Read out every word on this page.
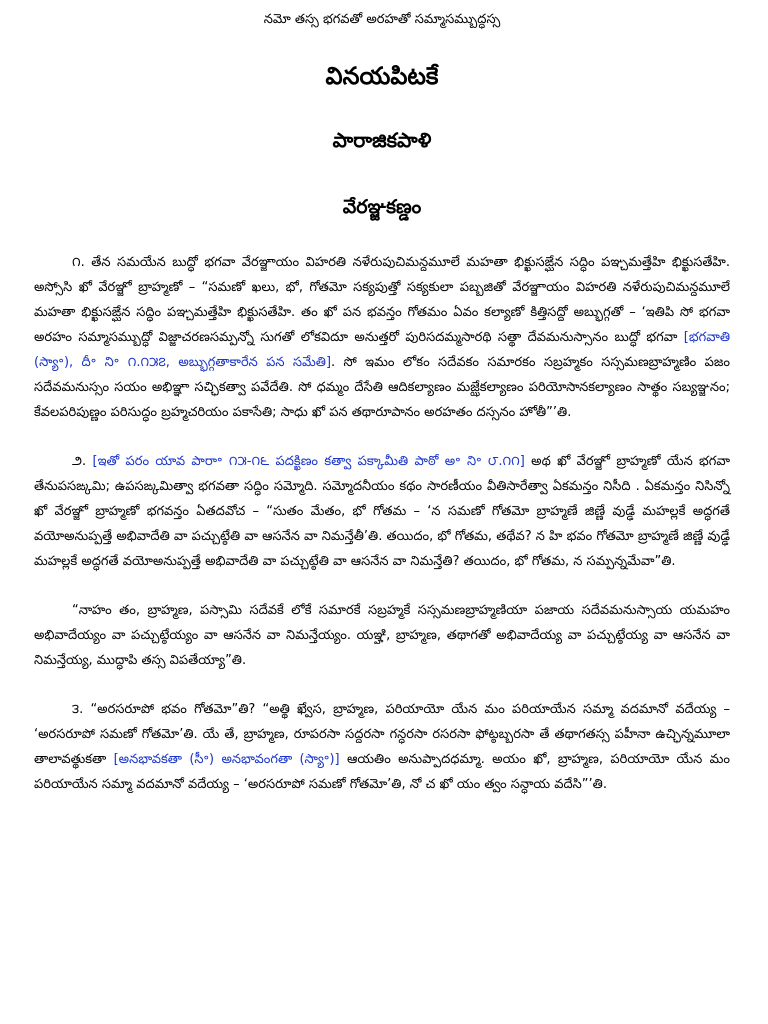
నమో తస్స భగవతో అరహతో సమ్మాసమ్బుద్ధస్స
వినయపిటకే
పారాజికపాళి
వేరఞ్జకణ్డం

౧. తేన సమయేన బుద్ధో భగవా వేరఞ్జాయం విహరతి నళేరుపుచిమన్దమూలే మహతా భిక్ఖుసఙ్ఘేన సద్ధిం పఞ్చమత్తేహి భిక్ఖుసతేహి. అస్సోసి ఖో వేరఞ్జో బ్రాహ్మణో – “సమణో ఖలు, భో, గోతమో సక్యపుత్తో సక్యకులా పబ్బజితో వేరఞ్జాయం విహరతి నళేరుపుచిమన్దమూలే మహతా భిక్ఖుసఙ్ఘేన సద్ధిం పఞ్చమత్తేహి భిక్ఖుసతేహి. తం ఖో పన భవన్తం గోతమం ఏవం కల్యాణో కిత్తిసద్దో అబ్భుగ్గతో – ‘ఇతిపి సో భగవా అరహం సమ్మాసమ్బుద్ధో విజ్జాచరణసమ్పన్నో సుగతో లోకవిదూ అనుత్తరో పురిసదమ్మసారథి సత్థా దేవమనుస్సానం బుద్ధో భగవా [భగవాతి (స్యా॰), దీ॰ ని॰ ౧.౧౫౭, అబ్భుగ్గతాకారేన పన సమేతి]. సో ఇమం లోకం సదేవకం సమారకం సబ్రహ్మకం సస్సమణబ్రాహ్మణిం పజం సదేవమనుస్సం సయం అభిఞ్ఞా సచ్ఛికత్వా పవేదేతి. సో ధమ్మం దేసేతి ఆదికల్యాణం మజ్ఝేకల్యాణం పరియోసానకల్యాణం సాత్థం సబ్యఞ్జనం; కేవలపరిపుణ్ణం పరిసుద్ధం బ్రహ్మచరియం పకాసేతి; సాధు ఖో పన తథారూపానం అరహతం దస్సనం హోతీ”’తి.

౨. [ఇతో పరం యావ పారా॰ ౧౫-౧౬ పదక్ఖిణం కత్వా పక్కామీతి పాఠో అ॰ ని॰ ౮.౧౧] అథ ఖో వేరఞ్జో బ్రాహ్మణో యేన భగవా తేనుపసఙ్కమి; ఉపసఙ్కమిత్వా భగవతా సద్ధిం సమ్మోది. సమ్మోదనీయం కథం సారణీయం వీతిసారేత్వా ఏకమన్తం నిసీది . ఏకమన్తం నిసిన్నో ఖో వేరఞ్జో బ్రాహ్మణో భగవన్తం ఏతదవోచ – “సుతం మేతం, భో గోతమ – ‘న సమణో గోతమో బ్రాహ్మణే జిణ్ణే వుడ్ఢే మహల్లకే అద్ధగతే వయోఅనుప్పత్తే అభివాదేతి వా పచ్చుట్ఠేతి వా ఆసనేన వా నిమన్తేతీ’తి. తయిదం, భో గోతమ, తథేవ? న హి భవం గోతమో బ్రాహ్మణే జిణ్ణే వుడ్ఢే మహల్లకే అద్ధగతే వయోఅనుప్పత్తే అభివాదేతి వా పచ్చుట్ఠేతి వా ఆసనేన వా నిమన్తేతి? తయిదం, భో గోతమ, న సమ్పన్నమేవా”తి.

“నాహం తం, బ్రాహ్మణ, పస్సామి సదేవకే లోకే సమారకే సబ్రహ్మకే సస్సమణబ్రాహ్మణియా పజాయ సదేవమనుస్సాయ యమహం అభివాదేయ్యం వా పచ్చుట్ఠేయ్యం వా ఆసనేన వా నిమన్తేయ్యం. యఞ్హి, బ్రాహ్మణ, తథాగతో అభివాదేయ్య వా పచ్చుట్ఠేయ్య వా ఆసనేన వా నిమన్తేయ్య, ముద్ధాపి తస్స విపతేయ్యా”తి.

౩. “అరసరూపో భవం గోతమో”తి? “అత్థి ఖ్వేస, బ్రాహ్మణ, పరియాయో యేన మం పరియాయేన సమ్మా వదమానో వదేయ్య – ‘అరసరూపో సమణో గోతమో’తి. యే తే, బ్రాహ్మణ, రూపరసా సద్దరసా గన్ధరసా రసరసా ఫోట్ఠబ్బరసా తే తథాగతస్స పహీనా ఉచ్ఛిన్నమూలా తాలావత్థుకతా [అనభావకతా (సీ॰) అనభావంగతా (స్యా॰)] ఆయతిం అనుప్పాదధమ్మా. అయం ఖో, బ్రాహ్మణ, పరియాయో యేన మం పరియాయేన సమ్మా వదమానో వదేయ్య – ‘అరసరూపో సమణో గోతమో’తి, నో చ ఖో యం త్వం సన్ధాయ వదేసి”’తి.
